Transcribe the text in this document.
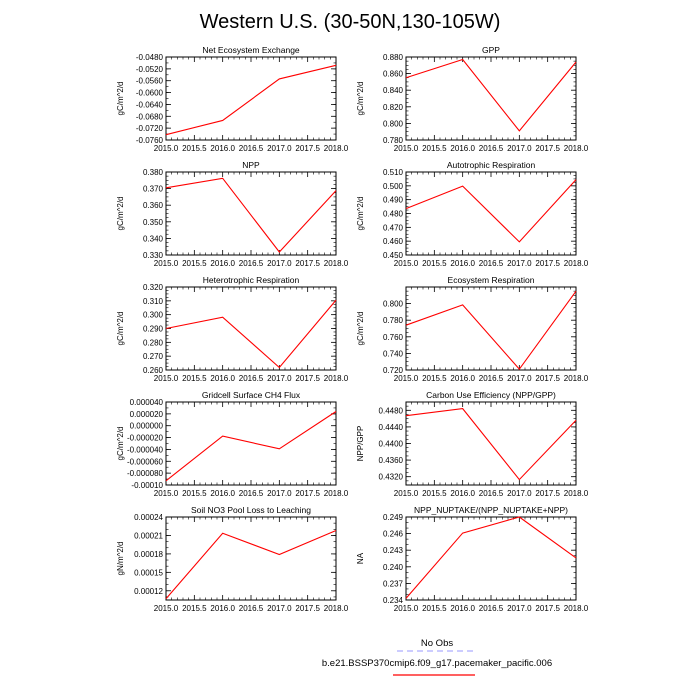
Western U.S. (30-50N,130-105W)
Net Ecosystem Exchange
2015.0 2015.5 2016.0 2016.5 2017.0 2017.5 2018.0
-0.0760
-0.0720
-0.0680
-0.0640
-0.0600
-0.0560
-0.0520
-0.0480
gC/m^2/d
GPP
2015.0 2015.5 2016.0 2016.5 2017.0 2017.5 2018.0
0.780
0.800
0.820
0.840
0.860
0.880
gC/m^2/d
NPP
2015.0 2015.5 2016.0 2016.5 2017.0 2017.5 2018.0
0.330
0.340
0.350
0.360
0.370
0.380
gC/m^2/d
Autotrophic Respiration
2015.0 2015.5 2016.0 2016.5 2017.0 2017.5 2018.0
0.450
0.460
0.470
0.480
0.490
0.500
0.510
gC/m^2/d
Heterotrophic Respiration
2015.0 2015.5 2016.0 2016.5 2017.0 2017.5 2018.0
0.260
0.270
0.280
0.290
0.300
0.310
0.320
gC/m^2/d
Ecosystem Respiration
2015.0 2015.5 2016.0 2016.5 2017.0 2017.5 2018.0
0.720
0.740
0.760
0.780
0.800
gC/m^2/d
Gridcell Surface CH4 Flux
2015.0 2015.5 2016.0 2016.5 2017.0 2017.5 2018.0
-0.00010
-0.000080
-0.000060
-0.000040
-0.000020
0.000000
0.000020
0.000040
gC/m^2/d
Carbon Use Efficiency (NPP/GPP)
2015.0 2015.5 2016.0 2016.5 2017.0 2017.5 2018.0
0.4320
0.4360
0.4400
0.4440
0.4480
NPP/GPP
Soil NO3 Pool Loss to Leaching
2015.0 2015.5 2016.0 2016.5 2017.0 2017.5 2018.0
0.00012
0.00015
0.00018
0.00021
0.00024
gN/m^2/d
NPP_NUPTAKE/(NPP_NUPTAKE+NPP)
2015.0 2015.5 2016.0 2016.5 2017.0 2017.5 2018.0
0.234
0.237
0.240
0.243
0.246
0.249
NA
No Obs
b.e21.BSSP370cmip6.f09_g17.pacemaker_pacific.006
